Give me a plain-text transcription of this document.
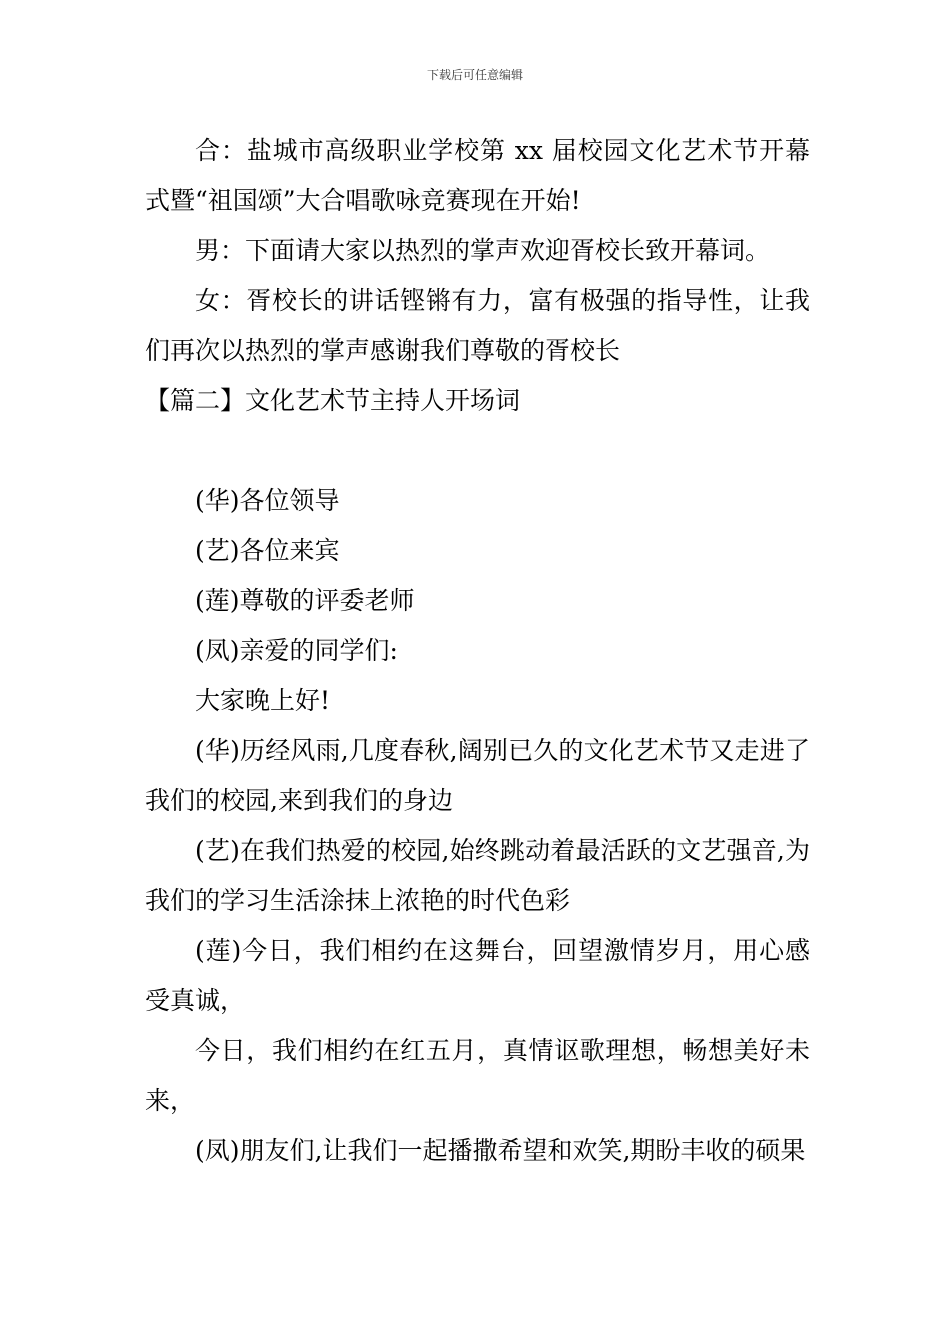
下载后可任意编辑

合：盐城市高级职业学校第 xx 届校园文化艺术节开幕式暨“祖国颂”大合唱歌咏竞赛现在开始!

男：下面请大家以热烈的掌声欢迎胥校长致开幕词。

女：胥校长的讲话铿锵有力，富有极强的指导性，让我们再次以热烈的掌声感谢我们尊敬的胥校长

【篇二】文化艺术节主持人开场词

(华)各位领导

(艺)各位来宾

(莲)尊敬的评委老师

(凤)亲爱的同学们:

大家晚上好!

(华)历经风雨,几度春秋,阔别已久的文化艺术节又走进了我们的校园,来到我们的身边

(艺)在我们热爱的校园,始终跳动着最活跃的文艺强音,为我们的学习生活涂抹上浓艳的时代色彩

(莲)今日，我们相约在这舞台，回望激情岁月，用心感受真诚，

今日，我们相约在红五月，真情讴歌理想，畅想美好未来，

(凤)朋友们,让我们一起播撒希望和欢笑,期盼丰收的硕果
